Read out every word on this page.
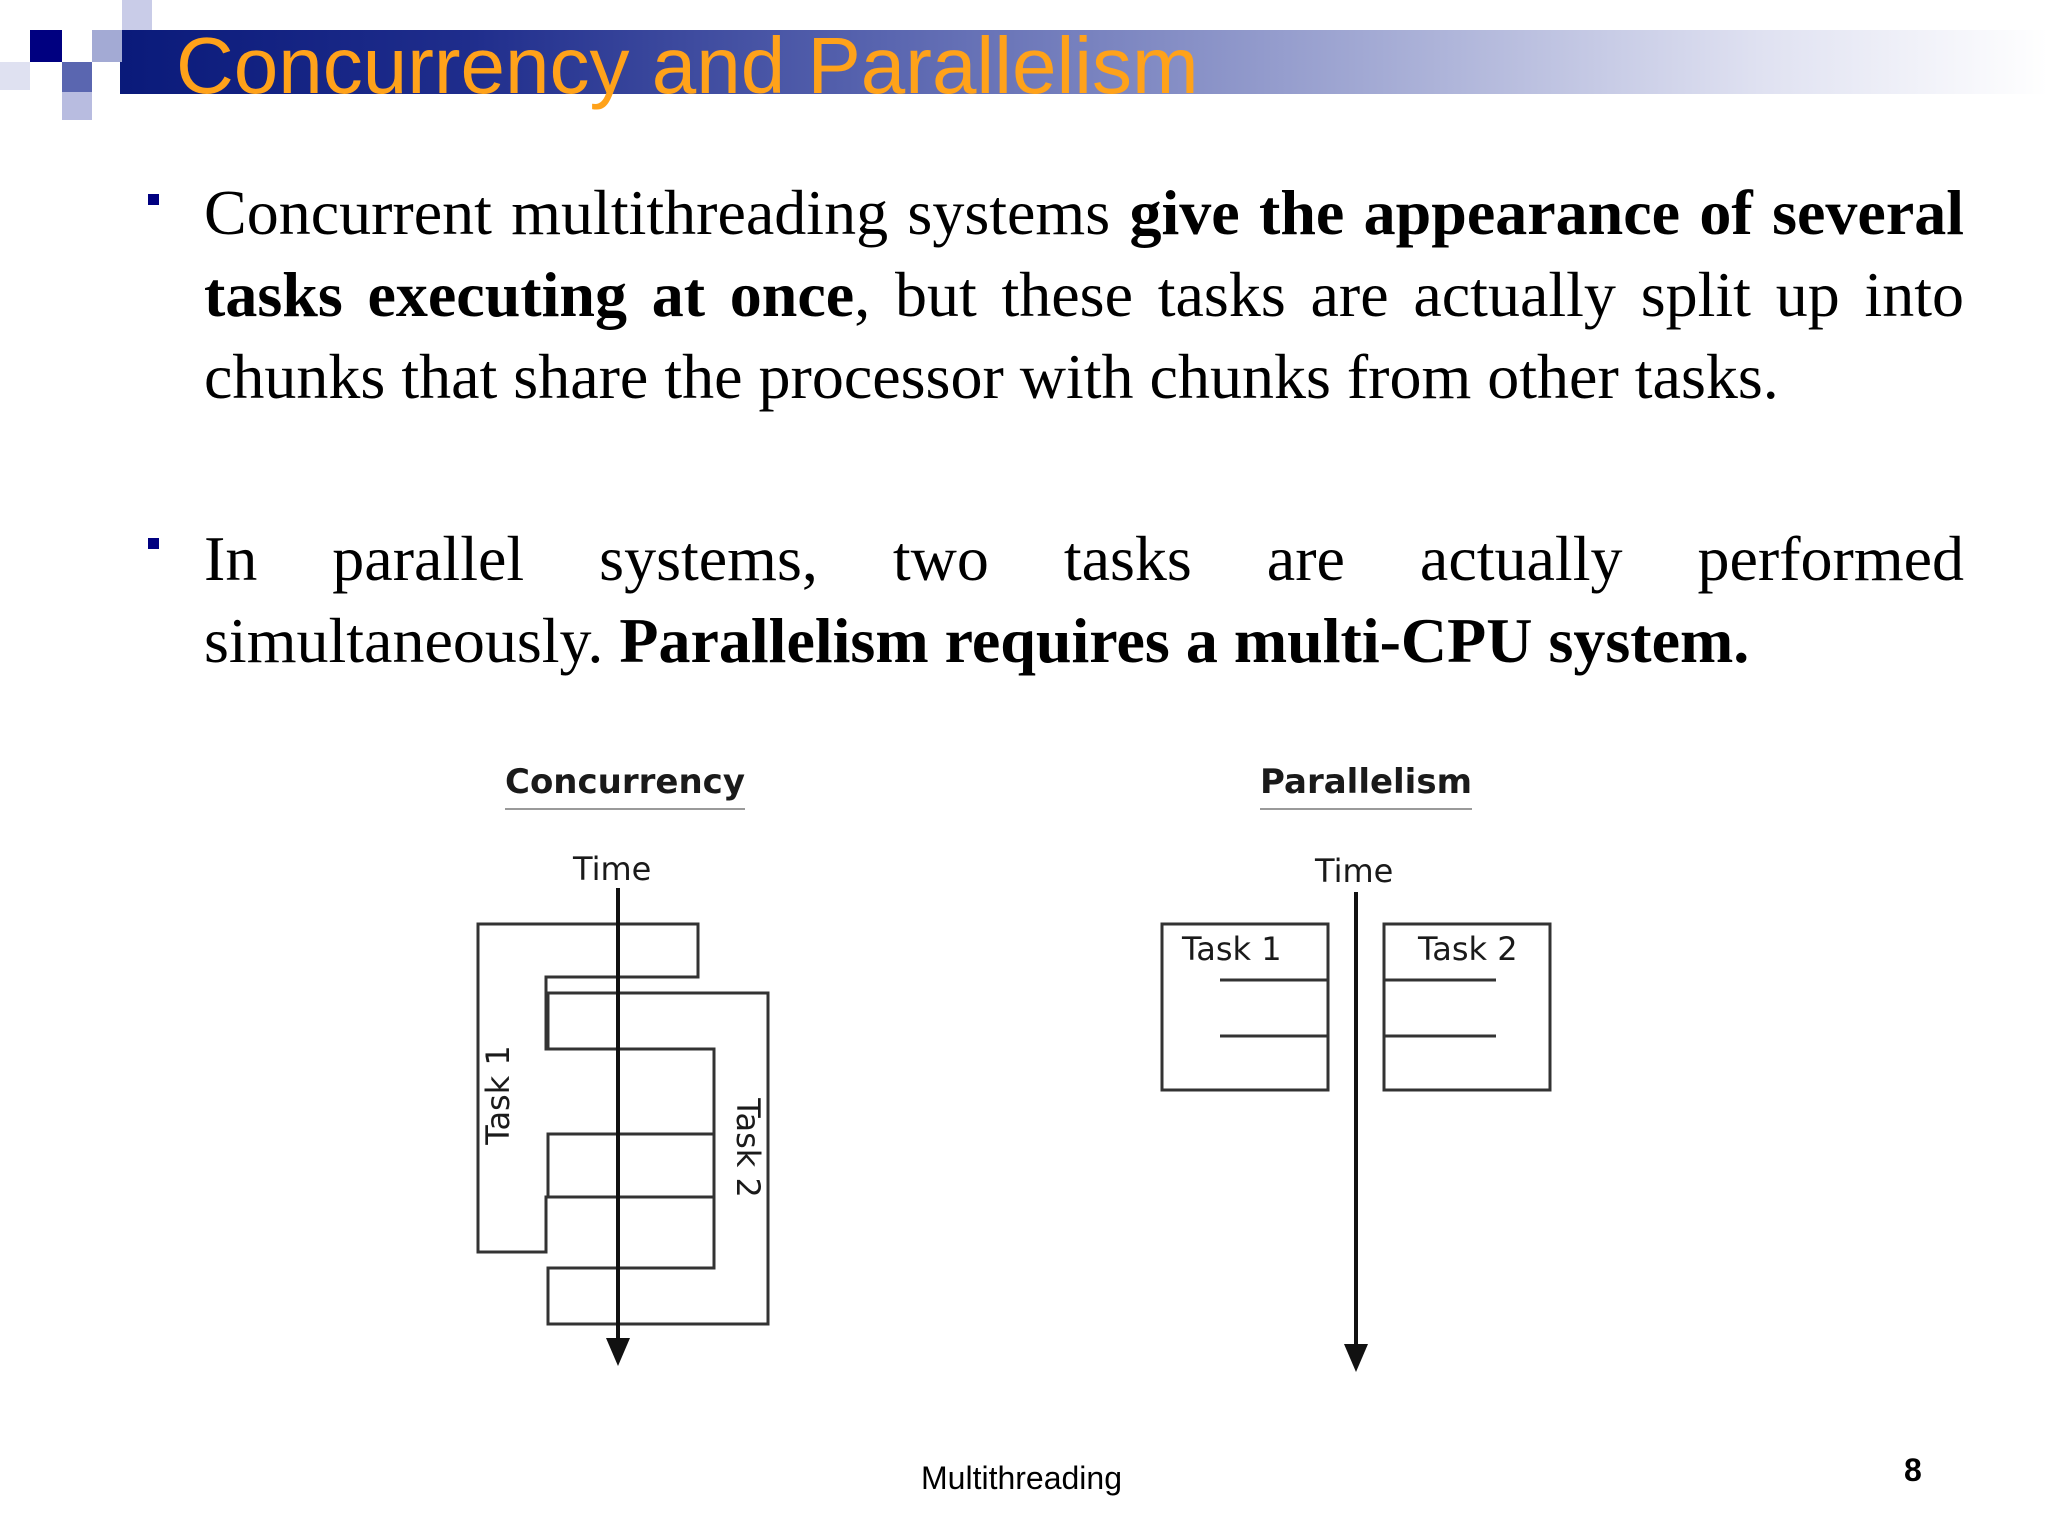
Concurrency and Parallelism
Concurrent multithreading systems give the appearance of several tasks executing at once, but these tasks are actually split up into chunks that share the processor with chunks from other tasks.
In parallel systems, two tasks are actually performed simultaneously. Parallelism requires a multi-CPU system.
Concurrency
Time
Task 1
Task 2
Parallelism
Time
Task 1	Task 2
Multithreading	8
